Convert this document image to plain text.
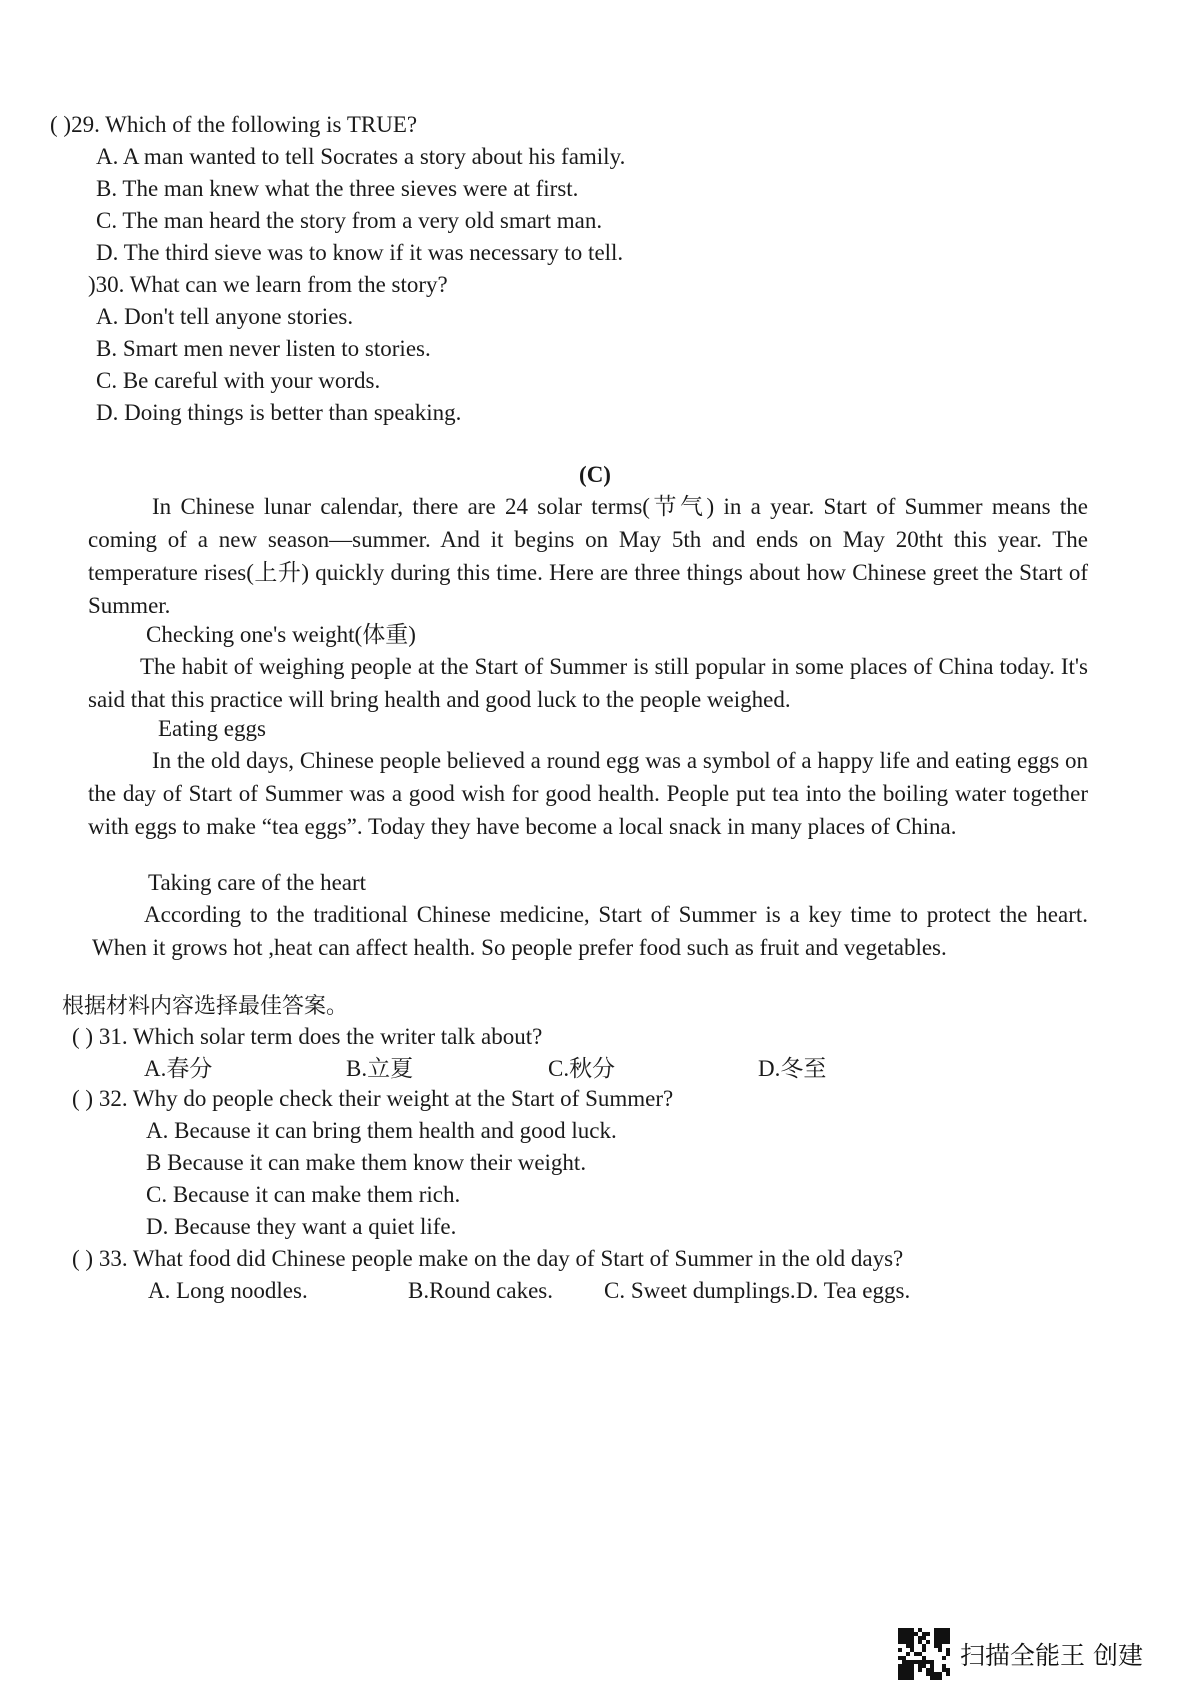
( )29. Which of the following is TRUE?
A. A man wanted to tell Socrates a story about his family.
B. The man knew what the three sieves were at first.
C. The man heard the story from a very old smart man.
D. The third sieve was to know if it was necessary to tell.
)30. What can we learn from the story?
A. Don't tell anyone stories.
B. Smart men never listen to stories.
C. Be careful with your words.
D. Doing things is better than speaking.
(C)
In Chinese lunar calendar, there are 24 solar terms(节气) in a year. Start of Summer means the coming of a new season—summer. And it begins on May 5th and ends on May 20tht this year. The temperature rises(上升) quickly during this time. Here are three things about how Chinese greet the Start of Summer.
Checking one's weight(体重)
The habit of weighing people at the Start of Summer is still popular in some places of China today. It's said that this practice will bring health and good luck to the people weighed.
Eating eggs
In the old days, Chinese people believed a round egg was a symbol of a happy life and eating eggs on the day of Start of Summer was a good wish for good health. People put tea into the boiling water together with eggs to make “tea eggs”. Today they have become a local snack in many places of China.
Taking care of the heart
According to the traditional Chinese medicine, Start of Summer is a key time to protect the heart. When it grows hot ,heat can affect health. So people prefer food such as fruit and vegetables.
根据材料内容选择最佳答案。
( ) 31. Which solar term does the writer talk about?
A.春分	B.立夏	C.秋分	D.冬至
( ) 32. Why do people check their weight at the Start of Summer?
A. Because it can bring them health and good luck.
B Because it can make them know their weight.
C. Because it can make them rich.
D. Because they want a quiet life.
( ) 33. What food did Chinese people make on the day of Start of Summer in the old days?
A. Long noodles.	B.Round cakes. C. Sweet dumplings. D. Tea eggs.
扫描全能王 创建
